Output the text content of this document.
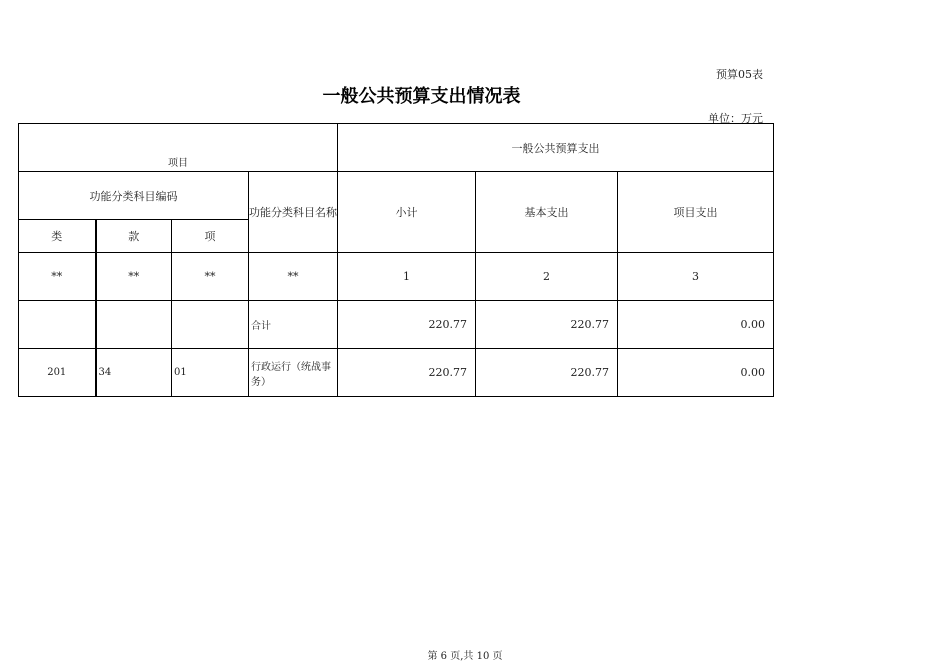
预算05表
一般公共预算支出情况表
单位：万元
项目				一般公共预算支出		
功能分类科目编码			功能分类科目名称	小计	基本支出	项目支出
类	款	项				
**	**	**	**	1	2	3
			合计	220.77	220.77	0.00
201	34	01	行政运行（统战事务）	220.77	220.77	0.00
第 6 页,共 10 页
